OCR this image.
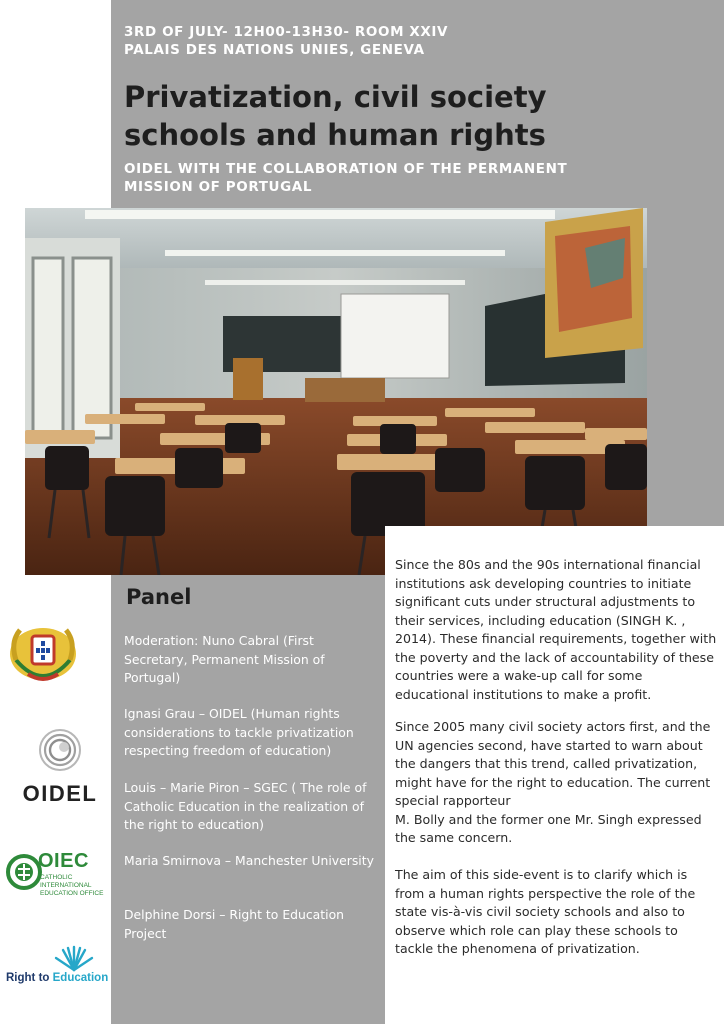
3RD OF JULY- 12H00-13H30- ROOM XXIV
PALAIS DES NATIONS UNIES, GENEVA
Privatization, civil society
schools and human rights
OIDEL WITH THE COLLABORATION OF THE PERMANENT
MISSION OF PORTUGAL

Since the 80s and the 90s international financial institutions ask developing countries to initiate significant cuts under structural adjustments to their services, including education (SINGH K. , 2014). These financial requirements, together with the poverty and the lack of accountability of these countries were a wake-up call for some educational institutions to make a profit.

Since 2005 many civil society actors first, and the UN agencies second, have started to warn about the dangers that this trend, called privatization, might have for the right to education. The current special rapporteur

M. Bolly and the former one Mr. Singh expressed the same concern.

The aim of this side-event is to clarify which is from a human rights perspective the role of the state vis-à-vis civil society schools and also to observe which role can play these schools to tackle the phenomena of privatization.

Panel
Moderation: Nuno Cabral (First Secretary, Permanent Mission of Portugal)
Ignasi Grau – OIDEL (Human rights considerations to tackle privatization respecting freedom of education)
Louis – Marie Piron – SGEC ( The role of Catholic Education in the realization of the right to education)
Maria Smirnova – Manchester University
Delphine Dorsi – Right to Education Project
OIDEL
OIEC
CATHOLIC INTERNATIONAL
EDUCATION OFFICE
Right to Education
